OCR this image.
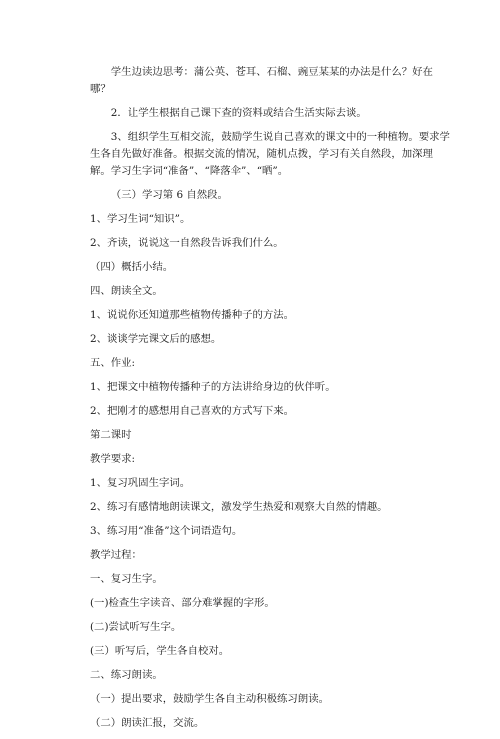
学生边读边思考：蒲公英、苍耳、石榴、豌豆某某的办法是什么？好在
哪？
2．让学生根据自己课下查的资料或结合生活实际去谈。
3、组织学生互相交流，鼓励学生说自己喜欢的课文中的一种植物。要求学
生各自先做好准备。根据交流的情况，随机点拨，学习有关自然段，加深理
解。学习生字词“准备”、“降落伞”、“晒”。
（三）学习第 6 自然段。
1、学习生词“知识”。
2、齐读，说说这一自然段告诉我们什么。
（四）概括小结。
四、朗读全文。
1、说说你还知道那些植物传播种子的方法。
2、谈谈学完课文后的感想。
五、作业:
1、把课文中植物传播种子的方法讲给身边的伙伴听。
2、把刚才的感想用自己喜欢的方式写下来。
第二课时
教学要求:
1、复习巩固生字词。
2、练习有感情地朗读课文，激发学生热爱和观察大自然的情趣。
3、练习用“准备”这个词语造句。
教学过程：
一、复习生字。
(一)检查生字读音、部分难掌握的字形。
(二)尝试听写生字。
(三）听写后，学生各自校对。
二、练习朗读。
（一）提出要求，鼓励学生各自主动积极练习朗读。
（二）朗读汇报，交流。
